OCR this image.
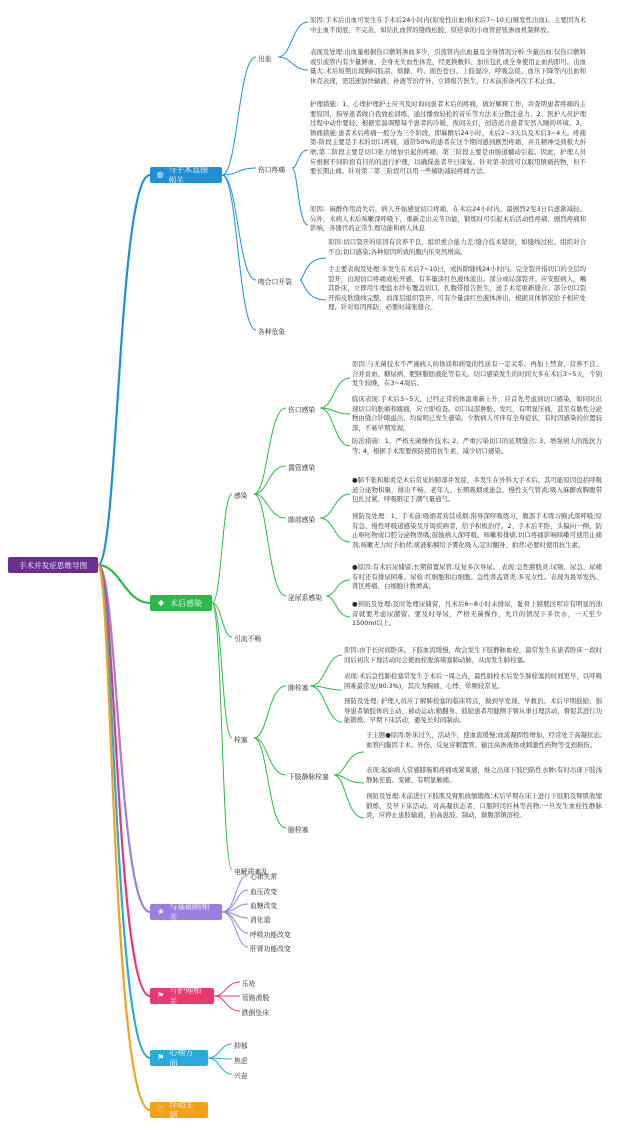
手术并发症思维导图
◍
与手术直接相关
◆ 术后感染
★
与基础病相关
⚑
与护理相关
⚑
心理方面
♡
浮动主题
出血
原因:手术后出血可发生在手术后24小时内(原发性出血)和术后7~10天(继发性出血)。主要因为术中止血不彻底、不完善，如结扎血管的缝线松脱、原痉挛的小血管舒张渗血机制释放。
表现及处理:出血量根据伤口敷料渗血多少，引流管内出血量及全身情况分析:少量出血:仅伤口敷料或引流管内有少量鲜血，全身无失血性休克，经更换敷料、加压包扎或全身使用止血药即可。出血量大:术后短期出现胸闷肢凉、烦躁、吟、面色苍白、上肢湿冷、呼吸急促、血压下降等内出血和休克表现，需迅速加快输液、补液等治疗外，立即报告医生，行术前准备再次手术止血。
伤口疼痛
护理措施：1、心理护理护士应当及时询问患者术后的疼痛，做好解释工作，并查明患者疼痛的主要原因，指导患者做自我放松训练，通过播放轻松的音乐等方法来分散注意力。2、医护人员护理过程中动作要轻，根据室温调整每个患者的冷暖，夜间关灯，创造适合患者安然入睡的环境。3、镇痛措施:患者术后疼痛一般分为三个阶段，即麻醉后24小时、术后2~3天以及术后3~4天。疼痛第-阶段主要是手术的切口疼痛，通常50%的患者在这个期间感到剧烈疼痛，并且精神受到极大折磨;第二阶段主要是切口张力增加引起的疼痛，第三阶段主要是由肠道蠕动引起。因此，护理人员应根据不同阶段有目的的进行护理，以确保患者早日康复。针对第-阶段可以服用镇痛药物，但不要长期止痛。针对第二第三阶段可以用一些辅助减轻疼痛方法。
原因：麻醉作用消失后，病人开始感觉切口疼痛，在术后24小时内，最剧烈2至3日后逐渐减轻。另外，术病人术后咳嗽深呼吸下，重新走出关节功能，锻炼时可引起术后活动性疼痛，剧烈疼痛和影响，各器官的正常生理功能和病人休息
吻合口开裂
原因:切口裂开的原因有营养不良，组织愈合能力差;缝合技术错误，如缝线过松、组织对合不良;切口感染;各种原因所致的腹内压突然增高。
手主要表现及处理:多发生在术后7~10日，或拆除缝线24小时内。完全裂开指切口的全层均裂开，出现切口疼痛或松开感，有多量淡红色液体流出。部分或局部裂开。应安慰病人，嘱其卧床，立即用生理盐水纱布覆盖切口，扎腹带报告医生，送手术室重新缝合。部分切口裂开指皮肤缝线完整，而深层组织裂开，可有少量淡红色液体渗出，根据具体情况给予相应处理，针对原因预防，必要时减张缝合。
各种危象
感染
伤口感染
原因:与无菌技术不严谨病人的体质和病变的性质有一定关系。再加上禁食、营养不良、合并贫血、糖尿病、肥胖脂肪液化等有关。切口感染发生的时间大多在术后3~5天，个别发生较晚，在3~4周后。
临床表现:手术后3~5天，已经正常的体温重新上升，应首先考虑到切口感染，如同时出现切口的胀痛和跳痛，应立即检查。切口局部肿胀、发红，有明显压痛，甚至有脓性分泌物由缝合针眼溢出，均说明已发生感染。少数病人可伴有全身症状，有时因感染的位置较深，不易早期发现。
防治措施：1、严格无菌操作技术; 2、严重污染切口的延期缝合; 3、增强病人的抵抗力等; 4、根据手术需要预防使用抗生素，减少切口感染。
置管感染
肺部感染
●肺不张和肺炎是术后常见的肺部并发症，多发生在外科大手术后。其可能原因包括呼吸道分泌物积聚，排出不畅、老年人、长期吸烟或患急、慢性支气管炎;吸入麻醉或胸腹带包扎过紧、呼吸限定于潮气量通气。
预防及处理：1、手术前:吸烟者劝其戒烟;指导深呼吸练习，腹部手术练习胸式深呼吸;原有急、慢性呼吸道感染及牙周疾病者，给予积极治疗。2、手术后平卧，头偏向一侧，防止呕吐物或口腔分泌物误吸;鼓励病人深呼吸、咳嗽和排痰;切口疼痛影响咳嗽可使用止痛剂;咳嗽无力给予拍背;痰液粘稠给予雾化吸入;定时翻身、拍背;必要时使用抗生素。
泌尿系感染
●原因:有术后尿储留;长期留置尿管;反复多次导尿。 表现:急性膀胱炎:尿频、尿急、尿痛有时还有排尿困难。尿检:红细胞和白细胞。急性肾盂肾炎:多见女性。表现为畏寒发热、肾区疼痛、白细胞计数增高。
●预防及处理:及时处理尿储留，凡术后6~8小时未排尿，耻骨上膀胱区叩诊有明显的浊音就要考虑尿潴留。要及时导尿，严格无菌操作，允许的情况下多饮水，一天至少1500ml以上。
引流不畅
栓塞
肺栓塞
原因:由于长时间卧床，下肢血流缓慢，故会发生下肢静脉血栓，最常发生在患者卧床一段时间后初次下地活动时会使血栓脱落堵塞肺动脉，从而发生肺栓塞。
表现:术后急性肺栓塞常发生于术后一周之内，最性肺栓术后发生肺栓塞的时间更早，以呼吸困难最常见(90.3%)，其次为胸痛、心悸、晕厥较常见。
预防及处理: 护理人员应了解肺栓塞的临床特点，做到早发现、早救治。术后早期鼓励、指导患者做肢体的主动、被动运动;勤翻身、鼓励患者用健侧手臂从事日理活动，督促其进行功能锻炼，早期下床活动，避免长时间制动。
下肢静脉栓塞
子主题●原因:卧床过久，活动少，使血流缓慢;血流凝固性增加，经常处于高凝状态;血管内膜因手术、外伤、反复穿刺置管、输注高渗液体或刺激性药物等受到损伤。
表现:起始病人常感腓肠肌疼痛或紧束感，继之出现下肢凹陷性水肿;有时出现下肢浅静脉充盈、变硬、有明显触痛。
预防及处理:术前进行下肢肌及臂肌收缩锻炼;术后早期在床上进行下肢肌及臂肌收缩锻炼，及早下床活动。对高凝状态者，口服阿司匹林等药物;一旦发生血栓性静脉炎，应停止患肢输液，抬高患肢、制动，做腹部镇溶栓。
脑栓塞
电解质紊乱
心律失常
血压改变
血糖改变
消化道
呼吸功能改变
肝肾功能改变
压疮
管路滑脱
跌倒坠床
抑郁
焦虑
兴奋
